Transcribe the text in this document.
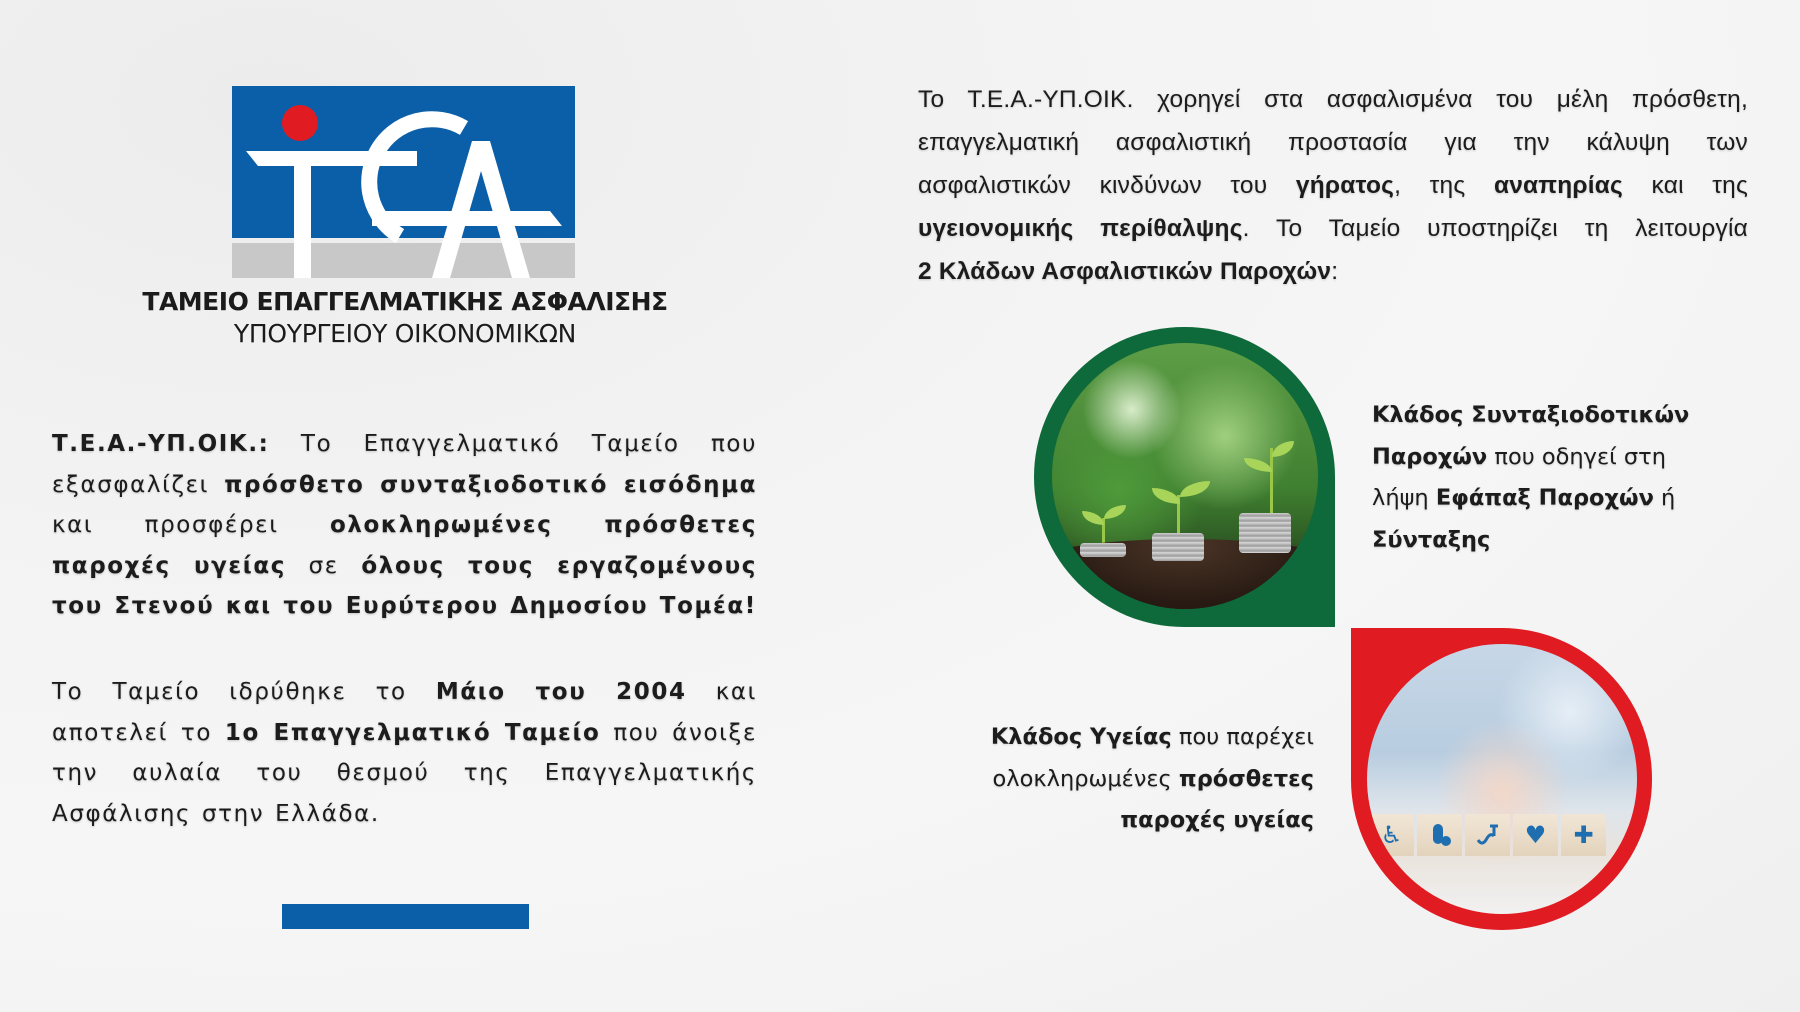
ΤΑΜΕΙΟ ΕΠΑΓΓΕΛΜΑΤΙΚΗΣ ΑΣΦΑΛΙΣΗΣ
ΥΠΟΥΡΓΕΙΟΥ ΟΙΚΟΝΟΜΙΚΩΝ
Τ.Ε.Α.-ΥΠ.ΟΙΚ.: Το Επαγγελματικό Ταμείο που
εξασφαλίζει πρόσθετο συνταξιοδοτικό εισόδημα
και προσφέρει ολοκληρωμένες πρόσθετες
παροχές υγείας σε όλους τους εργαζομένους
του Στενού και του Ευρύτερου Δημοσίου Τομέα!
Το Ταμείο ιδρύθηκε το Μάιο του 2004 και
αποτελεί το 1ο Επαγγελματικό Ταμείο που άνοιξε
την αυλαία του θεσμού της Επαγγελματικής
Ασφάλισης στην Ελλάδα.
Το Τ.Ε.Α.-ΥΠ.ΟΙΚ. χορηγεί στα ασφαλισμένα του μέλη πρόσθετη,
επαγγελματική ασφαλιστική προστασία για την κάλυψη των
ασφαλιστικών κινδύνων του γήρατος, της αναπηρίας και της
υγειονομικής περίθαλψης. Το Ταμείο υποστηρίζει τη λειτουργία
2 Κλάδων Ασφαλιστικών Παροχών:
Κλάδος Συνταξιοδοτικών
Παροχών που οδηγεί στη
λήψη Εφάπαξ Παροχών ή
Σύνταξης
♿	♥	✚
Κλάδος Υγείας που παρέχει
ολοκληρωμένες πρόσθετες
παροχές υγείας
